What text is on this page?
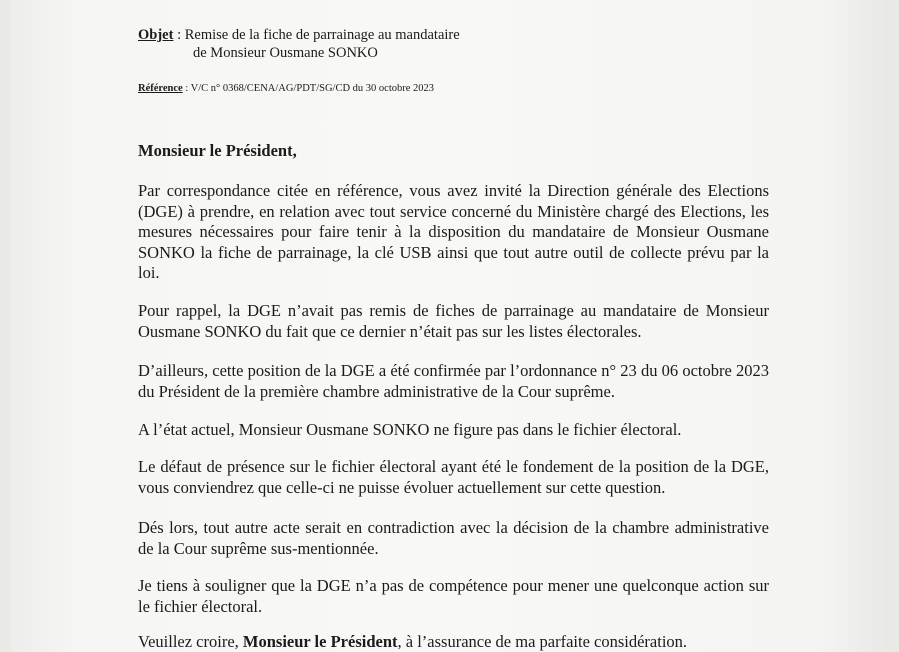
Objet : Remise de la fiche de parrainage au mandataire
de Monsieur Ousmane SONKO
Référence : V/C n° 0368/CENA/AG/PDT/SG/CD du 30 octobre 2023
Monsieur le Président,
Par correspondance citée en référence, vous avez invité la Direction générale des Elections (DGE) à prendre, en relation avec tout service concerné du Ministère chargé des Elections, les mesures nécessaires pour faire tenir à la disposition du mandataire de Monsieur Ousmane SONKO la fiche de parrainage, la clé USB ainsi que tout autre outil de collecte prévu par la loi.
Pour rappel, la DGE n’avait pas remis de fiches de parrainage au mandataire de Monsieur Ousmane SONKO du fait que ce dernier n’était pas sur les listes électorales.
D’ailleurs, cette position de la DGE a été confirmée par l’ordonnance n° 23 du 06 octobre 2023 du Président de la première chambre administrative de la Cour suprême.
A l’état actuel, Monsieur Ousmane SONKO ne figure pas dans le fichier électoral.
Le défaut de présence sur le fichier électoral ayant été le fondement de la position de la DGE, vous conviendrez que celle-ci ne puisse évoluer actuellement sur cette question.
Dés lors, tout autre acte serait en contradiction avec la décision de la chambre administrative de la Cour suprême sus-mentionnée.
Je tiens à souligner que la DGE n’a pas de compétence pour mener une quelconque action sur le fichier électoral.
Veuillez croire, Monsieur le Président, à l’assurance de ma parfaite considération.
